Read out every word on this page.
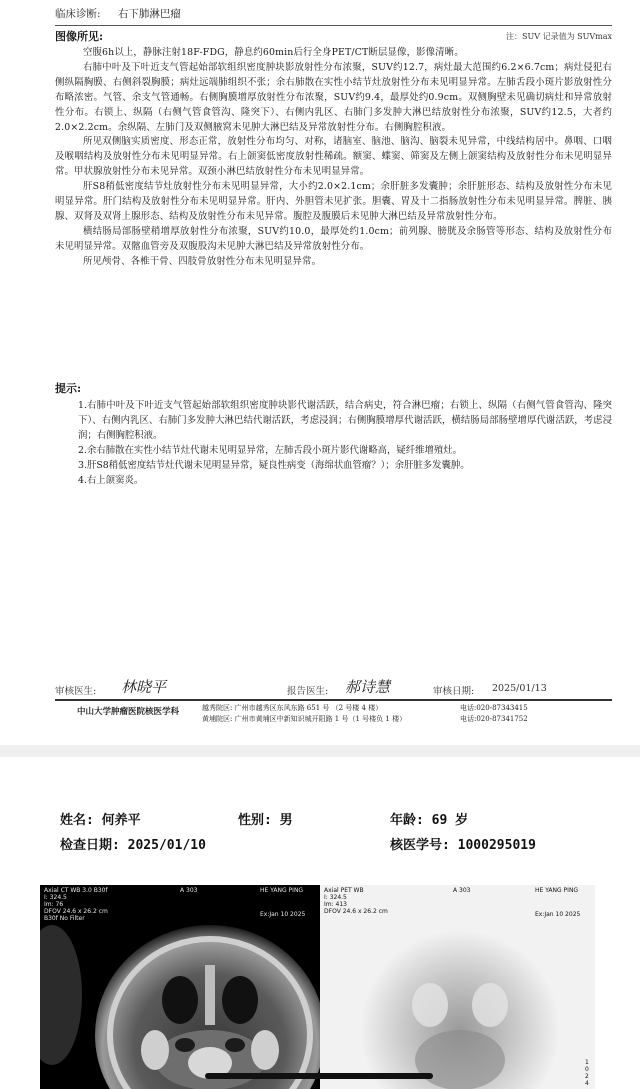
临床诊断: 右下肺淋巴瘤
图像所见:	注：SUV 记录值为 SUVmax

空腹6h以上，静脉注射18F-FDG，静息约60min后行全身PET/CT断层显像，影像清晰。

右肺中叶及下叶近支气管起始部软组织密度肿块影放射性分布浓聚，SUV约12.7，病灶最大范围约6.2×6.7cm；病灶侵犯右侧纵隔胸膜、右侧斜裂胸膜；病灶远端肺组织不张；余右肺散在实性小结节灶放射性分布未见明显异常。左肺舌段小斑片影放射性分布略浓密。气管、余支气管通畅。右侧胸膜增厚放射性分布浓聚，SUV约9.4，最厚处约0.9cm。双侧胸壁未见确切病灶和异常放射性分布。右锁上、纵隔（右侧气管食管沟、隆突下）、右侧内乳区、右肺门多发肿大淋巴结放射性分布浓聚，SUV约12.5，大者约2.0×2.2cm。余纵隔、左肺门及双侧腋窝未见肿大淋巴结及异常放射性分布。右侧胸腔积液。

所见双侧脑实质密度、形态正常，放射性分布均匀、对称，诸脑室、脑池、脑沟、脑裂未见异常，中线结构居中。鼻咽、口咽及喉咽结构及放射性分布未见明显异常。右上颌窦低密度放射性稀疏。额窦、蝶窦、筛窦及左侧上颌窦结构及放射性分布未见明显异常。甲状腺放射性分布未见异常。双颈小淋巴结放射性分布未见明显异常。

肝S8稍低密度结节灶放射性分布未见明显异常，大小约2.0×2.1cm；余肝脏多发囊肿；余肝脏形态、结构及放射性分布未见明显异常。肝门结构及放射性分布未见明显异常。肝内、外胆管未见扩张。胆囊、胃及十二指肠放射性分布未见明显异常。脾脏、胰腺、双肾及双肾上腺形态、结构及放射性分布未见异常。腹腔及腹膜后未见肿大淋巴结及异常放射性分布。

横结肠局部肠壁稍增厚放射性分布浓聚，SUV约10.0，最厚处约1.0cm；前列腺、膀胱及余肠管等形态、结构及放射性分布未见明显异常。双髂血管旁及双腹股沟未见肿大淋巴结及异常放射性分布。

所见颅骨、各椎干骨、四肢骨放射性分布未见明显异常。

提示:

1.右肺中叶及下叶近支气管起始部软组织密度肿块影代谢活跃，结合病史，符合淋巴瘤；右锁上、纵隔（右侧气管食管沟、隆突下）、右侧内乳区、右肺门多发肿大淋巴结代谢活跃，考虑浸润；右侧胸膜增厚代谢活跃，横结肠局部肠壁增厚代谢活跃，考虑浸润；右侧胸腔积液。

2.余右肺散在实性小结节灶代谢未见明显异常，左肺舌段小斑片影代谢略高，疑纤维增殖灶。

3.肝S8稍低密度结节灶代谢未见明显异常，疑良性病变（海绵状血管瘤？）；余肝脏多发囊肿。

4.右上颌窦炎。

审核医生: 林晓平	报告医生: 郝诗慧	审核日期: 2025/01/13
中山大学肿瘤医院核医学科	越秀院区: 广州市越秀区东风东路 651 号 （2 号楼 4 楼）
黄埔院区: 广州市黄埔区中新知识城开阳路 1 号（1 号楼负 1 楼）
电话:020-87343415
电话:020-87341752
姓名: 何养平	性别: 男	年龄: 69 岁
检查日期: 2025/01/10	核医学号: 1000295019
Axial CT WB 3.0 B30f
I: 324.5
Im: 76
DFOV 24.6 x 26.2 cm
B30f No Filter
A 303	HE YANG PING
Ex:Jan 10 2025
Axial PET WB
I: 324.5
Im: 413
DFOV 24.6 x 26.2 cm
A 303	HE YANG PING
Ex:Jan 10 2025
1
0
2
4
